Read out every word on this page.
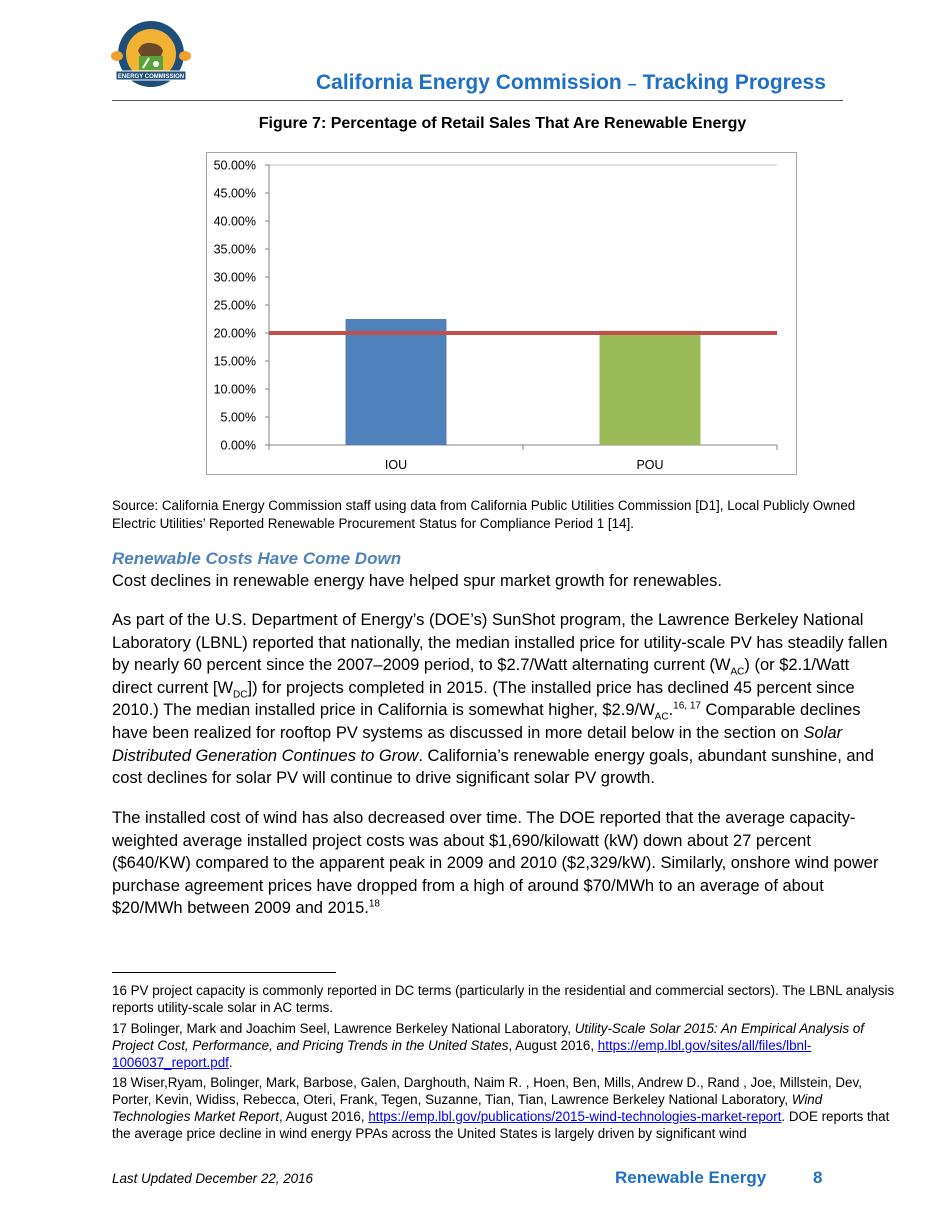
ENERGY COMMISSION	California Energy Commission – Tracking Progress
Figure 7: Percentage of Retail Sales That Are Renewable Energy
0.00%
5.00%
10.00%
15.00%
20.00%
25.00%
30.00%
35.00%
40.00%
45.00%
50.00%
IOU	POU
Source: California Energy Commission staff using data from California Public Utilities Commission [D1], Local Publicly Owned Electric Utilities’ Reported Renewable Procurement Status for Compliance Period 1 [14].
Renewable Costs Have Come Down
Cost declines in renewable energy have helped spur market growth for renewables.
As part of the U.S. Department of Energy’s (DOE’s) SunShot program, the Lawrence Berkeley National Laboratory (LBNL) reported that nationally, the median installed price for utility-scale PV has steadily fallen by nearly 60 percent since the 2007–2009 period, to $2.7/Watt alternating current $(W_{AC})$ (or $2.1/Watt direct current $[W_{DC}]$) for projects completed in 2015. (The installed price has declined 45 percent since 2010.) The median installed price in California is somewhat higher, $\$2.9/W_{AC}.^{16, 17}$ Comparable declines have been realized for rooftop PV systems as discussed in more detail below in the section on Solar Distributed Generation Continues to Grow. California’s renewable energy goals, abundant sunshine, and cost declines for solar PV will continue to drive significant solar PV growth.
The installed cost of wind has also decreased over time. The DOE reported that the average capacity-weighted average installed project costs was about $1,690/kilowatt (kW) down about 27 percent ($640/KW) compared to the apparent peak in 2009 and 2010 ($2,329/kW). Similarly, onshore wind power purchase agreement prices have dropped from a high of around $70/MWh to an average of about $20/MWh between 2009 and 2015.18
16 PV project capacity is commonly reported in DC terms (particularly in the residential and commercial sectors). The LBNL analysis reports utility-scale solar in AC terms.
17 Bolinger, Mark and Joachim Seel, Lawrence Berkeley National Laboratory, Utility-Scale Solar 2015: An Empirical Analysis of Project Cost, Performance, and Pricing Trends in the United States, August 2016, https://emp.lbl.gov/sites/all/files/lbnl-1006037_report.pdf.
18 Wiser,Ryam, Bolinger, Mark, Barbose, Galen, Darghouth, Naim R. , Hoen, Ben, Mills, Andrew D., Rand , Joe, Millstein, Dev, Porter, Kevin, Widiss, Rebecca, Oteri, Frank, Tegen, Suzanne, Tian, Tian, Lawrence Berkeley National Laboratory, Wind Technologies Market Report, August 2016, https://emp.lbl.gov/publications/2015-wind-technologies-market-report. DOE reports that the average price decline in wind energy PPAs across the United States is largely driven by significant wind
Last Updated December 22, 2016	Renewable Energy	8
